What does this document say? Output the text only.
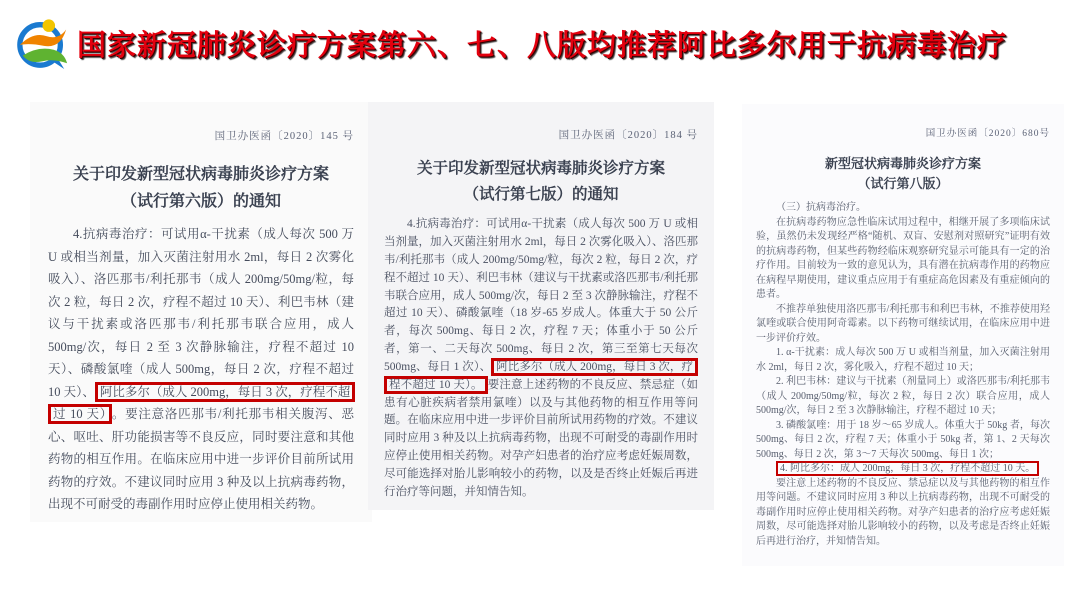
国家新冠肺炎诊疗方案第六、七、八版均推荐阿比多尔用于抗病毒治疗
国卫办医函〔2020〕145 号
关于印发新型冠状病毒肺炎诊疗方案
（试行第六版）的通知

4.抗病毒治疗：可试用α-干扰素（成人每次 500 万 U 或相当剂量，加入灭菌注射用水 2ml，每日 2 次雾化吸入）、洛匹那韦/利托那韦（成人 200mg/50mg/粒，每次 2 粒，每日 2 次，疗程不超过 10 天）、利巴韦林（建议与干扰素或洛匹那韦/利托那韦联合应用，成人 500mg/次，每日 2 至 3 次静脉输注，疗程不超过 10 天）、磷酸氯喹（成人 500mg，每日 2 次，疗程不超过 10 天）、 阿比多尔（成人 200mg，每日 3 次，疗程不超过 10 天） 。要注意洛匹那韦/利托那韦相关腹泻、恶心、呕吐、肝功能损害等不良反应，同时要注意和其他药物的相互作用。在临床应用中进一步评价目前所试用药物的疗效。不建议同时应用 3 种及以上抗病毒药物，出现不可耐受的毒副作用时应停止使用相关药物。

国卫办医函〔2020〕184 号
关于印发新型冠状病毒肺炎诊疗方案
（试行第七版）的通知

4.抗病毒治疗：可试用α-干扰素（成人每次 500 万 U 或相当剂量，加入灭菌注射用水 2ml，每日 2 次雾化吸入）、洛匹那韦/利托那韦（成人 200mg/50mg/粒，每次 2 粒，每日 2 次，疗程不超过 10 天）、利巴韦林（建议与干扰素或洛匹那韦/利托那韦联合应用，成人 500mg/次，每日 2 至 3 次静脉输注，疗程不超过 10 天）、磷酸氯喹（18 岁-65 岁成人。体重大于 50 公斤者，每次 500mg、每日 2 次，疗程 7 天；体重小于 50 公斤者，第一、二天每次 500mg、每日 2 次，第三至第七天每次 500mg、每日 1 次）、 阿比多尔（成人 200mg，每日 3 次，疗程不超过 10 天）。 要注意上述药物的不良反应、禁忌症（如患有心脏疾病者禁用氯喹）以及与其他药物的相互作用等问题。在临床应用中进一步评价目前所试用药物的疗效。不建议同时应用 3 种及以上抗病毒药物，出现不可耐受的毒副作用时应停止使用相关药物。对孕产妇患者的治疗应考虑妊娠周数，尽可能选择对胎儿影响较小的药物，以及是否终止妊娠后再进行治疗等问题，并知情告知。

国卫办医函〔2020〕680号
新型冠状病毒肺炎诊疗方案
（试行第八版）

（三）抗病毒治疗。

在抗病毒药物应急性临床试用过程中，相继开展了多项临床试验，虽然仍未发现经严格“随机、双盲、安慰剂对照研究”证明有效的抗病毒药物，但某些药物经临床观察研究显示可能具有一定的治疗作用。目前较为一致的意见认为，具有潜在抗病毒作用的药物应在病程早期使用，建议重点应用于有重症高危因素及有重症倾向的患者。

不推荐单独使用洛匹那韦/利托那韦和利巴韦林，不推荐使用羟氯喹或联合使用阿奇霉素。以下药物可继续试用，在临床应用中进一步评价疗效。

1. α-干扰素：成人每次 500 万 U 或相当剂量，加入灭菌注射用水 2ml，每日 2 次，雾化吸入，疗程不超过 10 天；

2. 利巴韦林：建议与干扰素（剂量同上）或洛匹那韦/利托那韦（成人 200mg/50mg/粒，每次 2 粒，每日 2 次）联合应用，成人 500mg/次，每日 2 至 3 次静脉输注，疗程不超过 10 天；

3. 磷酸氯喹：用于 18 岁～65 岁成人。体重大于 50kg 者，每次 500mg、每日 2 次，疗程 7 天；体重小于 50kg 者，第 1、2 天每次 500mg、每日 2 次，第 3～7 天每次 500mg、每日 1 次；

4. 阿比多尔：成人 200mg，每日 3 次，疗程不超过 10 天。

要注意上述药物的不良反应、禁忌症以及与其他药物的相互作用等问题。不建议同时应用 3 种以上抗病毒药物，出现不可耐受的毒副作用时应停止使用相关药物。对孕产妇患者的治疗应考虑妊娠周数，尽可能选择对胎儿影响较小的药物，以及考虑是否终止妊娠后再进行治疗，并知情告知。
